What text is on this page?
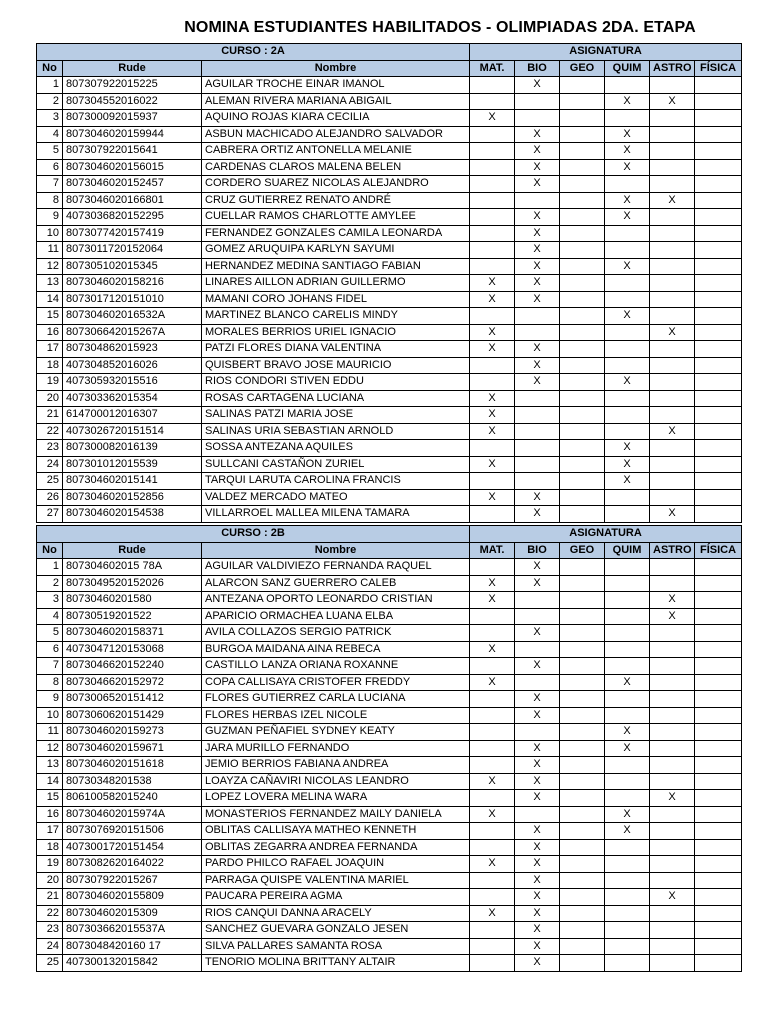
NOMINA ESTUDIANTES HABILITADOS - OLIMPIADAS 2DA. ETAPA
CURSO : 2A			ASIGNATURA					
No	Rude	Nombre	MAT.	BIO	GEO	QUIM	ASTRO	FÍSICA
1	807307922015225	AGUILAR TROCHE EINAR IMANOL		X				
2	807304552016022	ALEMAN RIVERA MARIANA ABIGAIL				X	X	
3	807300092015937	AQUINO ROJAS KIARA CECILIA	X					
4	8073046020159944	ASBUN MACHICADO ALEJANDRO SALVADOR		X		X		
5	807307922015641	CABRERA ORTIZ ANTONELLA MELANIE		X		X		
6	8073046020156015	CARDENAS CLAROS MALENA BELEN		X		X		
7	8073046020152457	CORDERO SUAREZ NICOLAS ALEJANDRO		X				
8	8073046020166801	CRUZ GUTIERREZ RENATO ANDRÉ				X	X	
9	4073036820152295	CUELLAR RAMOS CHARLOTTE AMYLEE		X		X		
10	8073077420157419	FERNANDEZ GONZALES CAMILA LEONARDA		X				
11	8073011720152064	GOMEZ ARUQUIPA KARLYN SAYUMI		X				
12	807305102015345	HERNANDEZ MEDINA SANTIAGO FABIAN		X		X		
13	8073046020158216	LINARES AILLON ADRIAN GUILLERMO	X	X				
14	8073017120151010	MAMANI CORO JOHANS FIDEL	X	X				
15	807304602016532A	MARTINEZ BLANCO CARELIS MINDY				X		
16	807306642015267A	MORALES BERRIOS URIEL IGNACIO	X				X	
17	807304862015923	PATZI FLORES DIANA VALENTINA	X	X				
18	407304852016026	QUISBERT BRAVO JOSE MAURICIO		X				
19	407305932015516	RIOS CONDORI STIVEN EDDU		X		X		
20	407303362015354	ROSAS CARTAGENA LUCIANA	X					
21	614700012016307	SALINAS PATZI MARIA JOSE	X					
22	4073026720151514	SALINAS URIA SEBASTIAN ARNOLD	X				X	
23	807300082016139	SOSSA ANTEZANA AQUILES				X		
24	807301012015539	SULLCANI CASTAÑON ZURIEL	X			X		
25	807304602015141	TARQUI LARUTA CAROLINA FRANCIS				X		
26	8073046020152856	VALDEZ MERCADO MATEO	X	X				
27	8073046020154538	VILLARROEL MALLEA MILENA TAMARA		X			X	
CURSO : 2B			ASIGNATURA					
No	Rude	Nombre	MAT.	BIO	GEO	QUIM	ASTRO	FÍSICA
1	807304602015 78A	AGUILAR VALDIVIEZO FERNANDA RAQUEL		X				
2	8073049520152026	ALARCON SANZ GUERRERO CALEB	X	X				
3	80730460201580	ANTEZANA OPORTO LEONARDO CRISTIAN	X				X	
4	80730519201522	APARICIO ORMACHEA LUANA ELBA					X	
5	8073046020158371	AVILA COLLAZOS SERGIO PATRICK		X				
6	4073047120153068	BURGOA MAIDANA AINA REBECA	X					
7	8073046620152240	CASTILLO LANZA ORIANA ROXANNE		X				
8	8073046620152972	COPA CALLISAYA CRISTOFER FREDDY	X			X		
9	8073006520151412	FLORES GUTIERREZ CARLA LUCIANA		X				
10	8073060620151429	FLORES HERBAS IZEL NICOLE		X				
11	8073046020159273	GUZMAN PEÑAFIEL SYDNEY KEATY				X		
12	8073046020159671	JARA MURILLO FERNANDO		X		X		
13	8073046020151618	JEMIO BERRIOS FABIANA ANDREA		X				
14	80730348201538	LOAYZA CAÑAVIRI NICOLAS LEANDRO	X	X				
15	806100582015240	LOPEZ LOVERA MELINA WARA		X			X	
16	807304602015974A	MONASTERIOS FERNANDEZ MAILY DANIELA	X			X		
17	8073076920151506	OBLITAS CALLISAYA MATHEO KENNETH		X		X		
18	4073001720151454	OBLITAS ZEGARRA ANDREA FERNANDA		X				
19	8073082620164022	PARDO PHILCO RAFAEL JOAQUIN	X	X				
20	807307922015267	PARRAGA QUISPE VALENTINA MARIEL		X				
21	8073046020155809	PAUCARA PEREIRA AGMA		X			X	
22	807304602015309	RIOS CANQUI DANNA ARACELY	X	X				
23	807303662015537A	SANCHEZ GUEVARA GONZALO JESEN		X				
24	8073048420160 17	SILVA PALLARES SAMANTA ROSA		X				
25	407300132015842	TENORIO MOLINA BRITTANY ALTAIR		X				
